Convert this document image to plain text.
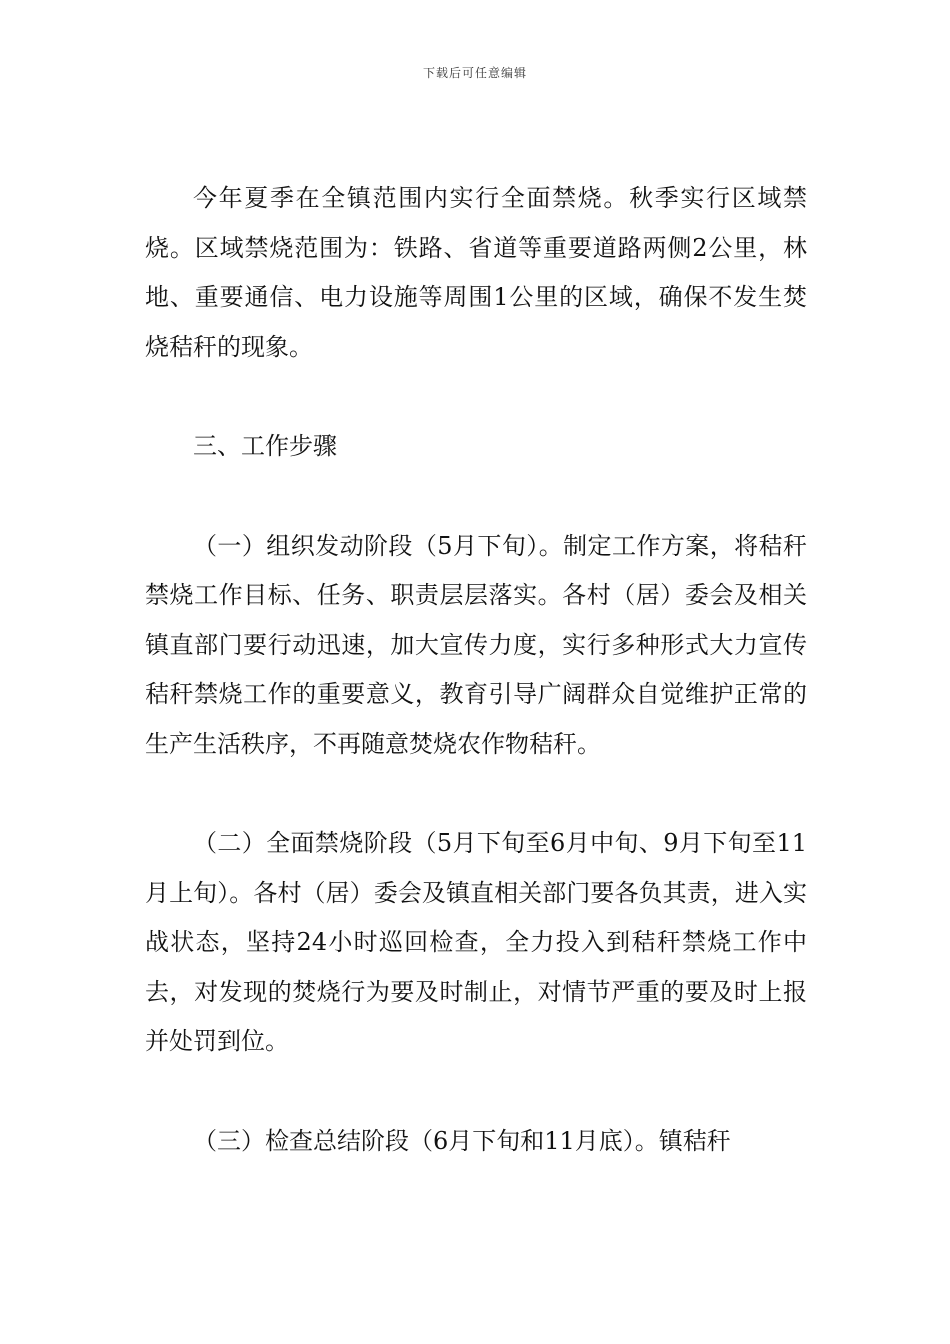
下载后可任意编辑

今年夏季在全镇范围内实行全面禁烧。秋季实行区域禁烧。区域禁烧范围为：铁路、省道等重要道路两侧2公里，林地、重要通信、电力设施等周围1公里的区域，确保不发生焚烧秸秆的现象。

三、工作步骤

（一）组织发动阶段（5月下旬）。制定工作方案，将秸秆禁烧工作目标、任务、职责层层落实。各村（居）委会及相关镇直部门要行动迅速，加大宣传力度，实行多种形式大力宣传秸秆禁烧工作的重要意义，教育引导广阔群众自觉维护正常的生产生活秩序，不再随意焚烧农作物秸秆。

（二）全面禁烧阶段（5月下旬至6月中旬、9月下旬至11月上旬）。各村（居）委会及镇直相关部门要各负其责，进入实战状态，坚持24小时巡回检查，全力投入到秸秆禁烧工作中去，对发现的焚烧行为要及时制止，对情节严重的要及时上报并处罚到位。

（三）检查总结阶段（6月下旬和11月底）。镇秸秆
